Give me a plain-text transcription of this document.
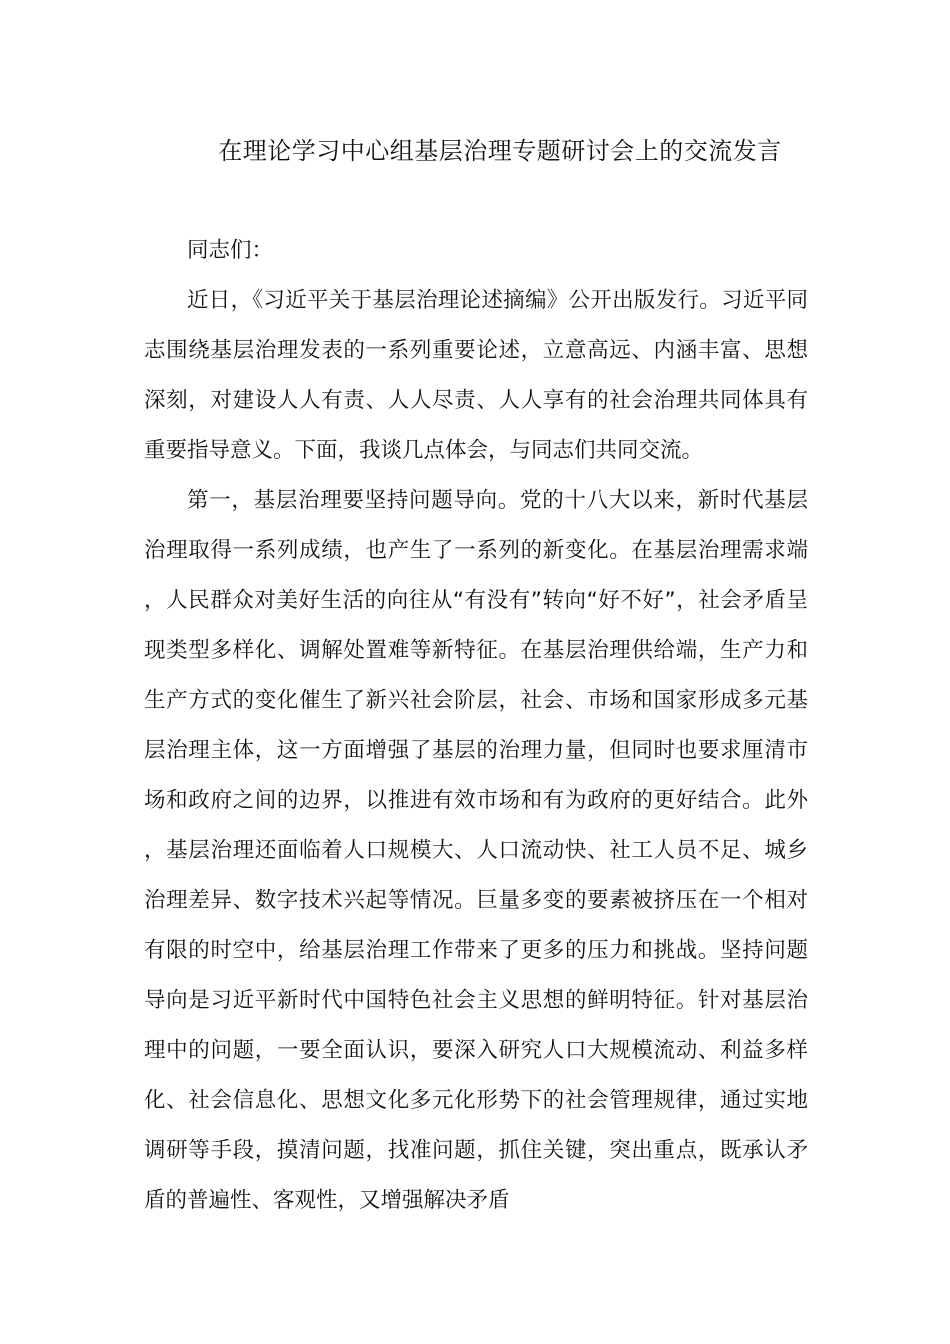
在理论学习中心组基层治理专题研讨会上的交流发言

同志们：

近日，《习近平关于基层治理论述摘编》公开出版发行。习近平同志围绕基层治理发表的一系列重要论述，立意高远、内涵丰富、思想深刻，对建设人人有责、人人尽责、人人享有的社会治理共同体具有重要指导意义。下面，我谈几点体会，与同志们共同交流。

第一，基层治理要坚持问题导向。党的十八大以来，新时代基层治理取得一系列成绩，也产生了一系列的新变化。在基层治理需求端，人民群众对美好生活的向往从“有没有”转向“好不好”，社会矛盾呈现类型多样化、调解处置难等新特征。在基层治理供给端，生产力和生产方式的变化催生了新兴社会阶层，社会、市场和国家形成多元基层治理主体，这一方面增强了基层的治理力量，但同时也要求厘清市场和政府之间的边界，以推进有效市场和有为政府的更好结合。此外，基层治理还面临着人口规模大、人口流动快、社工人员不足、城乡治理差异、数字技术兴起等情况。巨量多变的要素被挤压在一个相对有限的时空中，给基层治理工作带来了更多的压力和挑战。坚持问题导向是习近平新时代中国特色社会主义思想的鲜明特征。针对基层治理中的问题，一要全面认识，要深入研究人口大规模流动、利益多样化、社会信息化、思想文化多元化形势下的社会管理规律，通过实地调研等手段，摸清问题，找准问题，抓住关键，突出重点，既承认矛盾的普遍性、客观性，又增强解决矛盾
